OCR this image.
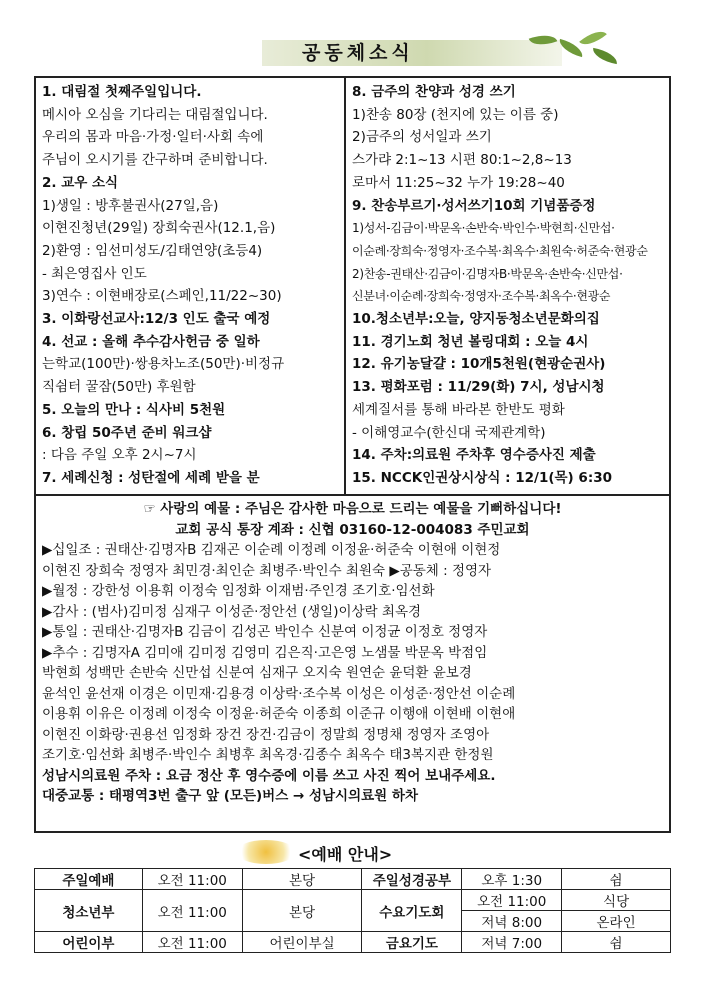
공동체소식
1. 대림절 첫째주일입니다.
메시아 오심을 기다리는 대림절입니다.
우리의 몸과 마음·가정·일터·사회 속에
주님이 오시기를 간구하며 준비합니다.
2. 교우 소식
1)생일 : 방후불권사(27일,음)
이현진청년(29일) 장희숙권사(12.1,음)
2)환영 : 임선미성도/김태연양(초등4)
- 최은영집사 인도
3)연수 : 이현배장로(스페인,11/22~30)
3. 이화랑선교사:12/3 인도 출국 예정
4. 선교 : 올해 추수감사헌금 중 일하
는학교(100만)·쌍용차노조(50만)·비정규
직쉼터 꿀잠(50만) 후원함
5. 오늘의 만나 : 식사비 5천원
6. 창립 50주년 준비 워크샵
: 다음 주일 오후 2시~7시
7. 세례신청 : 성탄절에 세례 받을 분
8. 금주의 찬양과 성경 쓰기
1)찬송 80장 (천지에 있는 이름 중)
2)금주의 성서일과 쓰기
스가랴 2:1~13 시편 80:1~2,8~13
로마서 11:25~32 누가 19:28~40
9. 찬송부르기·성서쓰기10회 기념품증정
1)성서-김금이·박문옥·손반숙·박인수·박현희·신만섭·
이순례·장희숙·정영자·조수복·최옥수·최원숙·허준숙·현광순
2)찬송-권태산·김금이·김명자B·박문옥·손반숙·신만섭·
신분녀·이순례·장희숙·정영자·조수복·최옥수·현광순
10.청소년부:오늘, 양지동청소년문화의집
11. 경기노회 청년 볼링대회 : 오늘 4시
12. 유기농달걀 : 10개5천원(현광순권사)
13. 평화포럼 : 11/29(화) 7시, 성남시청
세계질서를 통해 바라본 한반도 평화
- 이해영교수(한신대 국제관계학)
14. 주차:의료원 주차후 영수증사진 제출
15. NCCK인권상시상식 : 12/1(목) 6:30
☞ 사랑의 예물 : 주님은 감사한 마음으로 드리는 예물을 기뻐하십니다!
교회 공식 통장 계좌 : 신협 03160-12-004083 주민교회
▶십일조 : 권태산·김명자B 김재곤 이순례 이정례 이정윤·허준숙 이현애 이현정
이현진 장희숙 정영자 최민경·최인순 최병주·박인수 최원숙 ▶공동체 : 정영자
▶월정 : 강한성 이용휘 이정숙 임정화 이재범·주인경 조기호·임선화
▶감사 : (범사)김미정 심재구 이성준·정안선 (생일)이상락 최옥경
▶통일 : 권태산·김명자B 김금이 김성곤 박인수 신분여 이정균 이정호 정영자
▶추수 : 김명자A 김미애 김미정 김영미 김은직·고은영 노샘물 박문옥 박점임
박현희 성백만 손반숙 신만섭 신분여 심재구 오지숙 원연순 윤덕환 윤보경
윤석인 윤선재 이경은 이민재·김용경 이상락·조수복 이성은 이성준·정안선 이순례
이용휘 이유은 이정례 이정숙 이정윤·허준숙 이종희 이준규 이행애 이현배 이현애
이현진 이화랑·권용선 임정화 장건 장건·김금이 정말희 정명채 정영자 조영아
조기호·임선화 최병주·박인수 최병후 최옥경·김종수 최옥수 태3복지관 한정원
성남시의료원 주차 : 요금 정산 후 영수증에 이름 쓰고 사진 찍어 보내주세요.
대중교통 : 태평역3번 출구 앞 (모든)버스 → 성남시의료원 하차
<예배 안내>
주일예배	오전 11:00	본당	주일성경공부	오후 1:30	쉼
청소년부	오전 11:00	본당	수요기도회	오전 11:00	식당
				저녁 8:00	온라인
어린이부	오전 11:00	어린이부실	금요기도	저녁 7:00	쉼
